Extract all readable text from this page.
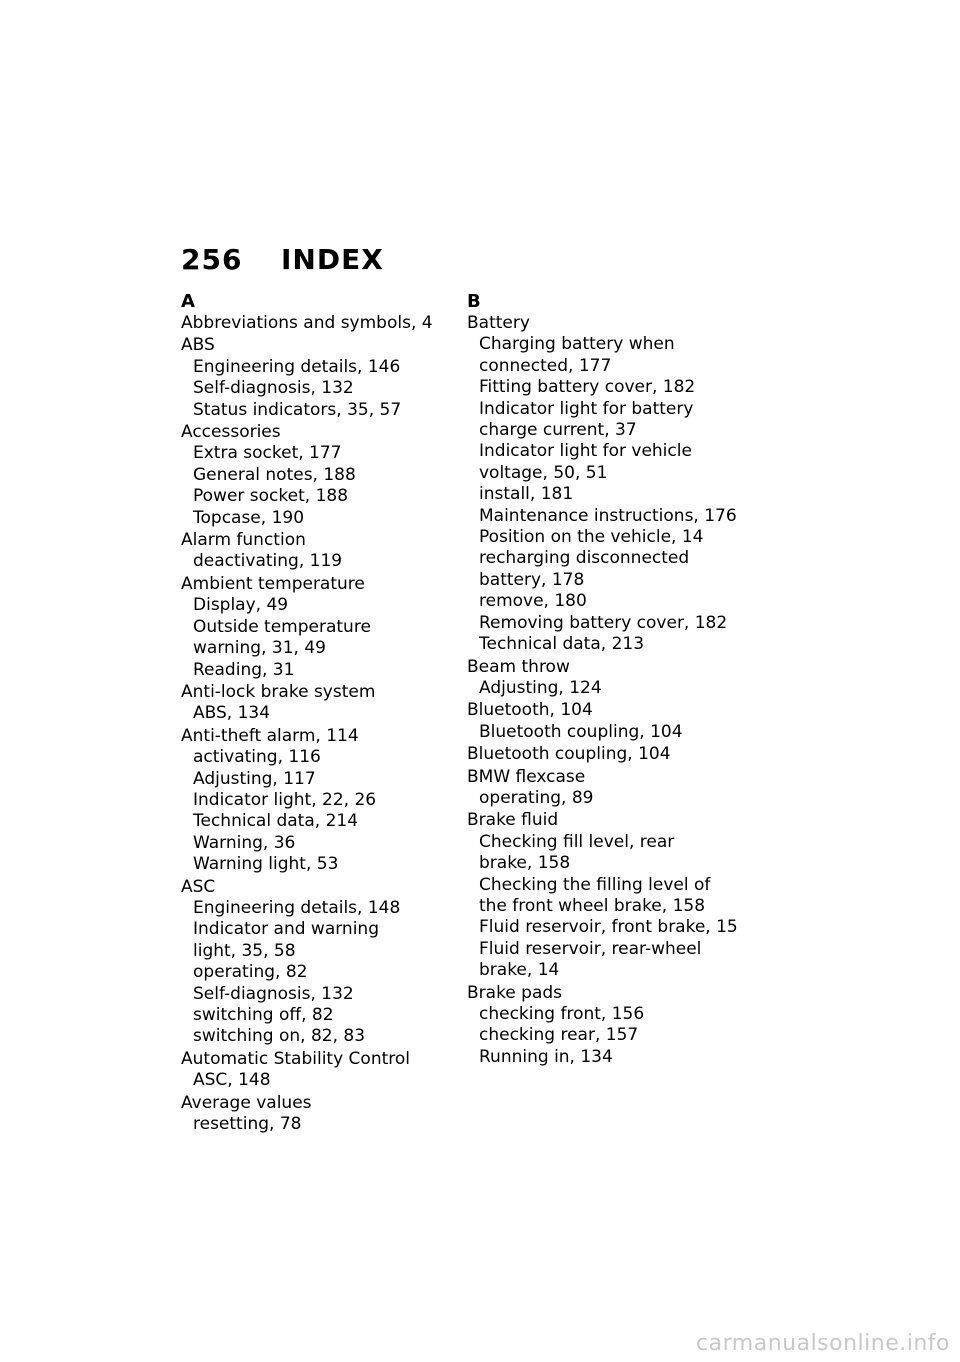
256	INDEX
A
Abbreviations and symbols, 4
ABS
Engineering details, 146
Self-diagnosis, 132
Status indicators, 35, 57
Accessories
Extra socket, 177
General notes, 188
Power socket, 188
Topcase, 190
Alarm function
deactivating, 119
Ambient temperature
Display, 49
Outside temperature
warning, 31, 49
Reading, 31
Anti-lock brake system
ABS, 134
Anti-theft alarm, 114
activating, 116
Adjusting, 117
Indicator light, 22, 26
Technical data, 214
Warning, 36
Warning light, 53
ASC
Engineering details, 148
Indicator and warning
light, 35, 58
operating, 82
Self-diagnosis, 132
switching off, 82
switching on, 82, 83
Automatic Stability Control
ASC, 148
Average values
resetting, 78
B
Battery
Charging battery when
connected, 177
Fitting battery cover, 182
Indicator light for battery
charge current, 37
Indicator light for vehicle
voltage, 50, 51
install, 181
Maintenance instructions, 176
Position on the vehicle, 14
recharging disconnected
battery, 178
remove, 180
Removing battery cover, 182
Technical data, 213
Beam throw
Adjusting, 124
Bluetooth, 104
Bluetooth coupling, 104
Bluetooth coupling, 104
BMW flexcase
operating, 89
Brake fluid
Checking fill level, rear
brake, 158
Checking the filling level of
the front wheel brake, 158
Fluid reservoir, front brake, 15
Fluid reservoir, rear-wheel
brake, 14
Brake pads
checking front, 156
checking rear, 157
Running in, 134
carmanualsonline.info
